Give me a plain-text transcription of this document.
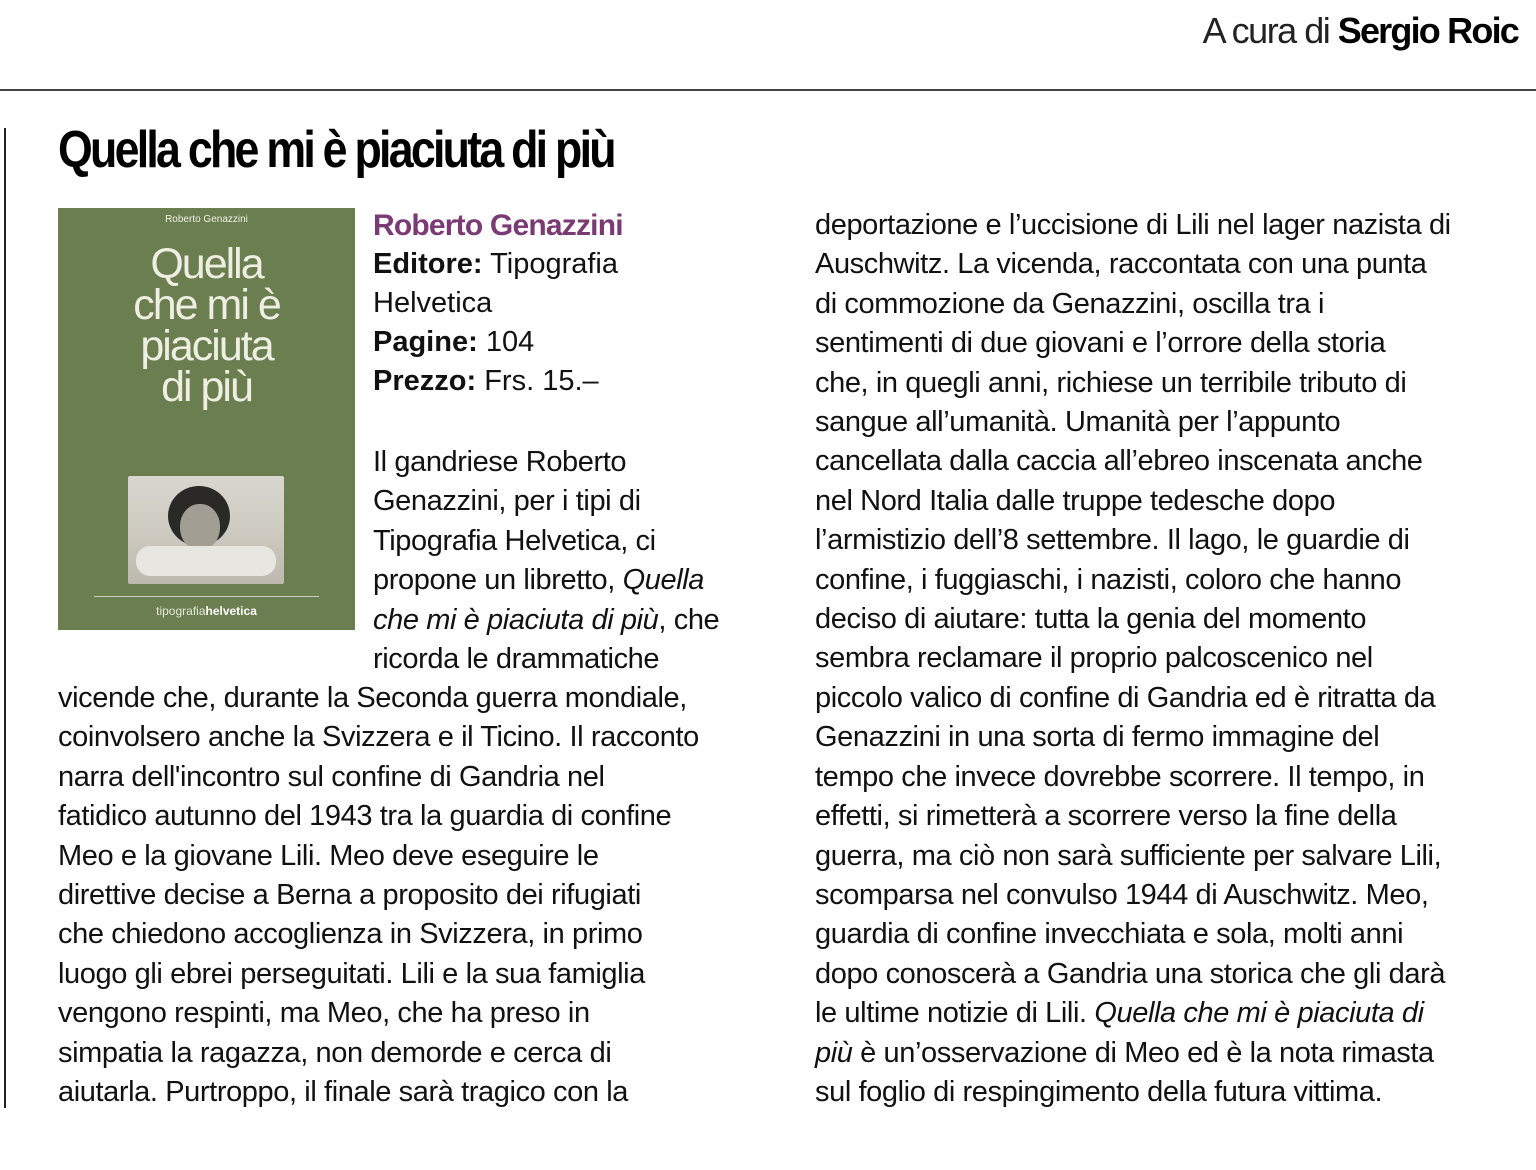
A cura di Sergio Roic
Quella che mi è piaciuta di più
Roberto Genazzini
Quella
che mi è
piaciuta
di più
tipografiahelvetica
Roberto Genazzini
Editore: Tipografia
Helvetica
Pagine: 104
Prezzo: Frs. 15.–
Il gandriese Roberto
Genazzini, per i tipi di
Tipografia Helvetica, ci
propone un libretto, Quella
che mi è piaciuta di più, che
ricorda le drammatiche
vicende che, durante la Seconda guerra mondiale,
coinvolsero anche la Svizzera e il Ticino. Il racconto
narra dell'incontro sul confine di Gandria nel
fatidico autunno del 1943 tra la guardia di confine
Meo e la giovane Lili. Meo deve eseguire le
direttive decise a Berna a proposito dei rifugiati
che chiedono accoglienza in Svizzera, in primo
luogo gli ebrei perseguitati. Lili e la sua famiglia
vengono respinti, ma Meo, che ha preso in
simpatia la ragazza, non demorde e cerca di
aiutarla. Purtroppo, il finale sarà tragico con la
deportazione e l’uccisione di Lili nel lager nazista di
Auschwitz. La vicenda, raccontata con una punta
di commozione da Genazzini, oscilla tra i
sentimenti di due giovani e l’orrore della storia
che, in quegli anni, richiese un terribile tributo di
sangue all’umanità. Umanità per l’appunto
cancellata dalla caccia all’ebreo inscenata anche
nel Nord Italia dalle truppe tedesche dopo
l’armistizio dell’8 settembre. Il lago, le guardie di
confine, i fuggiaschi, i nazisti, coloro che hanno
deciso di aiutare: tutta la genia del momento
sembra reclamare il proprio palcoscenico nel
piccolo valico di confine di Gandria ed è ritratta da
Genazzini in una sorta di fermo immagine del
tempo che invece dovrebbe scorrere. Il tempo, in
effetti, si rimetterà a scorrere verso la fine della
guerra, ma ciò non sarà sufficiente per salvare Lili,
scomparsa nel convulso 1944 di Auschwitz. Meo,
guardia di confine invecchiata e sola, molti anni
dopo conoscerà a Gandria una storica che gli darà
le ultime notizie di Lili. Quella che mi è piaciuta di
più è un’osservazione di Meo ed è la nota rimasta
sul foglio di respingimento della futura vittima.
